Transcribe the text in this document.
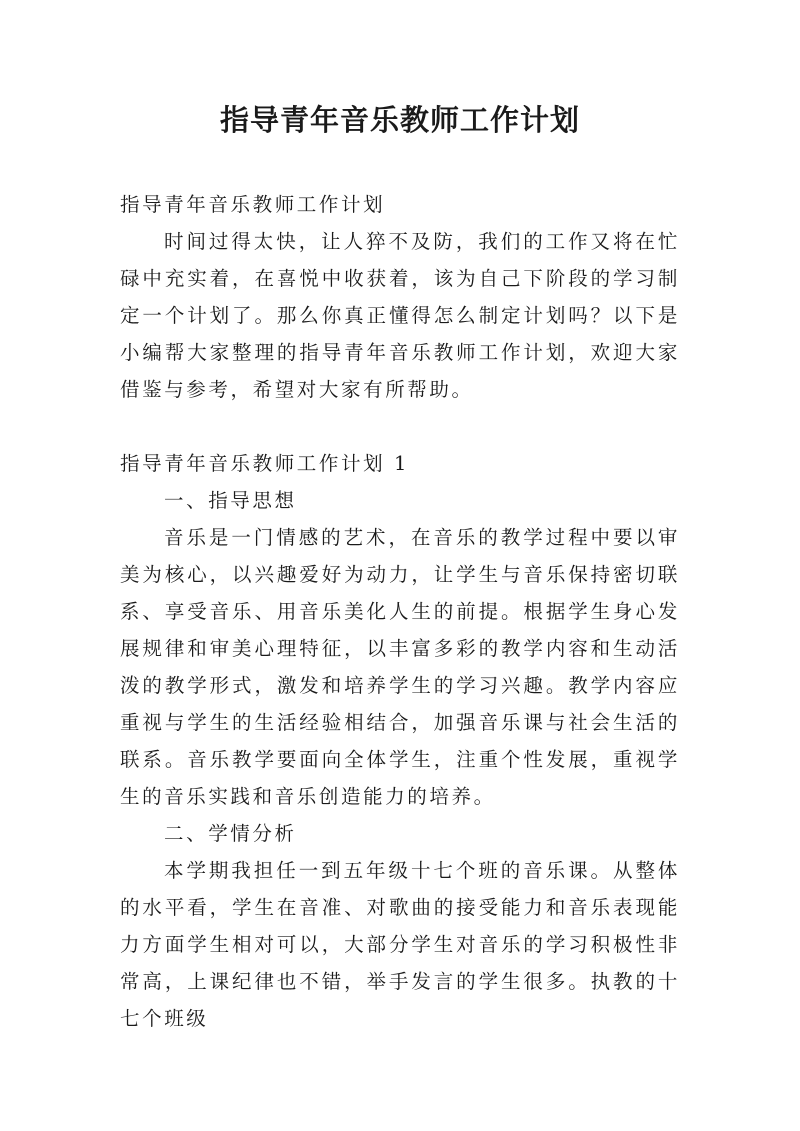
指导青年音乐教师工作计划

指导青年音乐教师工作计划

时间过得太快，让人猝不及防，我们的工作又将在忙碌中充实着，在喜悦中收获着，该为自己下阶段的学习制定一个计划了。那么你真正懂得怎么制定计划吗？以下是小编帮大家整理的指导青年音乐教师工作计划，欢迎大家借鉴与参考，希望对大家有所帮助。

指导青年音乐教师工作计划 1

一、指导思想

音乐是一门情感的艺术，在音乐的教学过程中要以审美为核心，以兴趣爱好为动力，让学生与音乐保持密切联系、享受音乐、用音乐美化人生的前提。根据学生身心发展规律和审美心理特征，以丰富多彩的教学内容和生动活泼的教学形式，激发和培养学生的学习兴趣。教学内容应重视与学生的生活经验相结合，加强音乐课与社会生活的联系。音乐教学要面向全体学生，注重个性发展，重视学生的音乐实践和音乐创造能力的培养。

二、学情分析

本学期我担任一到五年级十七个班的音乐课。从整体的水平看，学生在音准、对歌曲的接受能力和音乐表现能力方面学生相对可以，大部分学生对音乐的学习积极性非常高，上课纪律也不错，举手发言的学生很多。执教的十七个班级
